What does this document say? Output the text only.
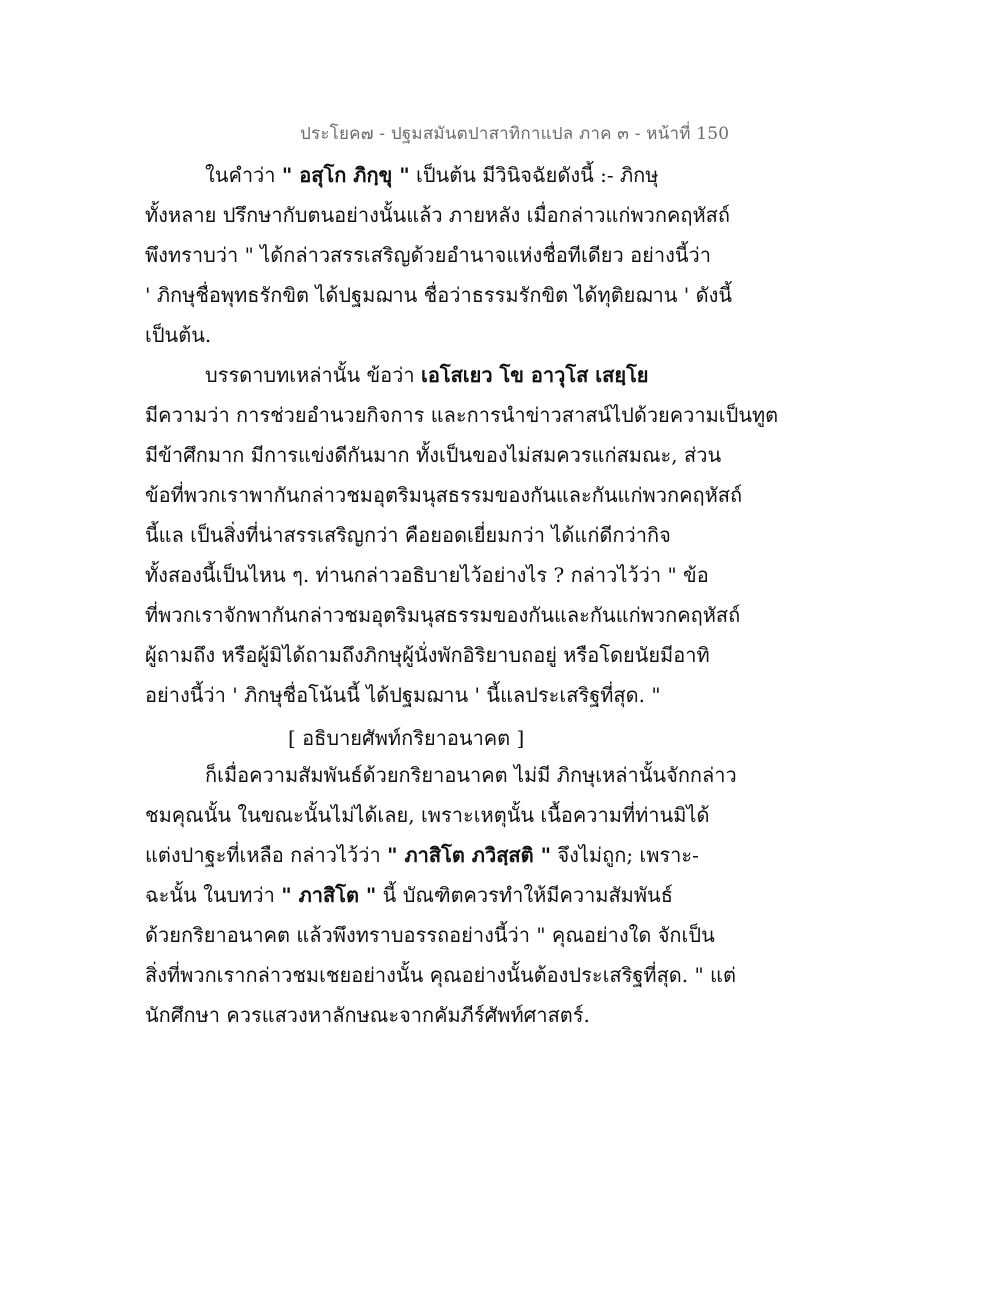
ประโยค๗ - ปฐมสมันตปาสาทิกาแปล ภาค ๓ - หน้าที่ 150
ในคำว่า " อสุโก ภิกฺขุ " เป็นต้น มีวินิจฉัยดังนี้ :- ภิกษุ
ทั้งหลาย ปรึกษากับตนอย่างนั้นแล้ว ภายหลัง เมื่อกล่าวแก่พวกคฤหัสถ์
พึงทราบว่า " ได้กล่าวสรรเสริญด้วยอำนาจแห่งชื่อทีเดียว อย่างนี้ว่า
' ภิกษุชื่อพุทธรักขิต ได้ปฐมฌาน ชื่อว่าธรรมรักขิต ได้ทุติยฌาน ' ดังนี้
เป็นต้น.
บรรดาบทเหล่านั้น ข้อว่า เอโสเยว โข อาวุโส เสยฺโย
มีความว่า การช่วยอำนวยกิจการ และการนำข่าวสาสน์ไปด้วยความเป็นทูต
มีข้าศึกมาก มีการแข่งดีกันมาก ทั้งเป็นของไม่สมควรแก่สมณะ, ส่วน
ข้อที่พวกเราพากันกล่าวชมอุตริมนุสธรรมของกันและกันแก่พวกคฤหัสถ์
นี้แล เป็นสิ่งที่น่าสรรเสริญกว่า คือยอดเยี่ยมกว่า ได้แก่ดีกว่ากิจ
ทั้งสองนี้เป็นไหน ๆ. ท่านกล่าวอธิบายไว้อย่างไร ? กล่าวไว้ว่า " ข้อ
ที่พวกเราจักพากันกล่าวชมอุตริมนุสธรรมของกันและกันแก่พวกคฤหัสถ์
ผู้ถามถึง หรือผู้มิได้ถามถึงภิกษุผู้นั่งพักอิริยาบถอยู่ หรือโดยนัยมีอาทิ
อย่างนี้ว่า ' ภิกษุชื่อโน้นนี้ ได้ปฐมฌาน ' นี้แลประเสริฐที่สุด. "
[ อธิบายศัพท์กริยาอนาคต ]
ก็เมื่อความสัมพันธ์ด้วยกริยาอนาคต ไม่มี ภิกษุเหล่านั้นจักกล่าว
ชมคุณนั้น ในขณะนั้นไม่ได้เลย, เพราะเหตุนั้น เนื้อความที่ท่านมิได้
แต่งปาฐะที่เหลือ กล่าวไว้ว่า " ภาสิโต ภวิสฺสติ " จึงไม่ถูก; เพราะ-
ฉะนั้น ในบทว่า " ภาสิโต " นี้ บัณฑิตควรทำให้มีความสัมพันธ์
ด้วยกริยาอนาคต แล้วพึงทราบอรรถอย่างนี้ว่า " คุณอย่างใด จักเป็น
สิ่งที่พวกเรากล่าวชมเชยอย่างนั้น คุณอย่างนั้นต้องประเสริฐที่สุด. " แต่
นักศึกษา ควรแสวงหาลักษณะจากคัมภีร์ศัพท์ศาสตร์.
